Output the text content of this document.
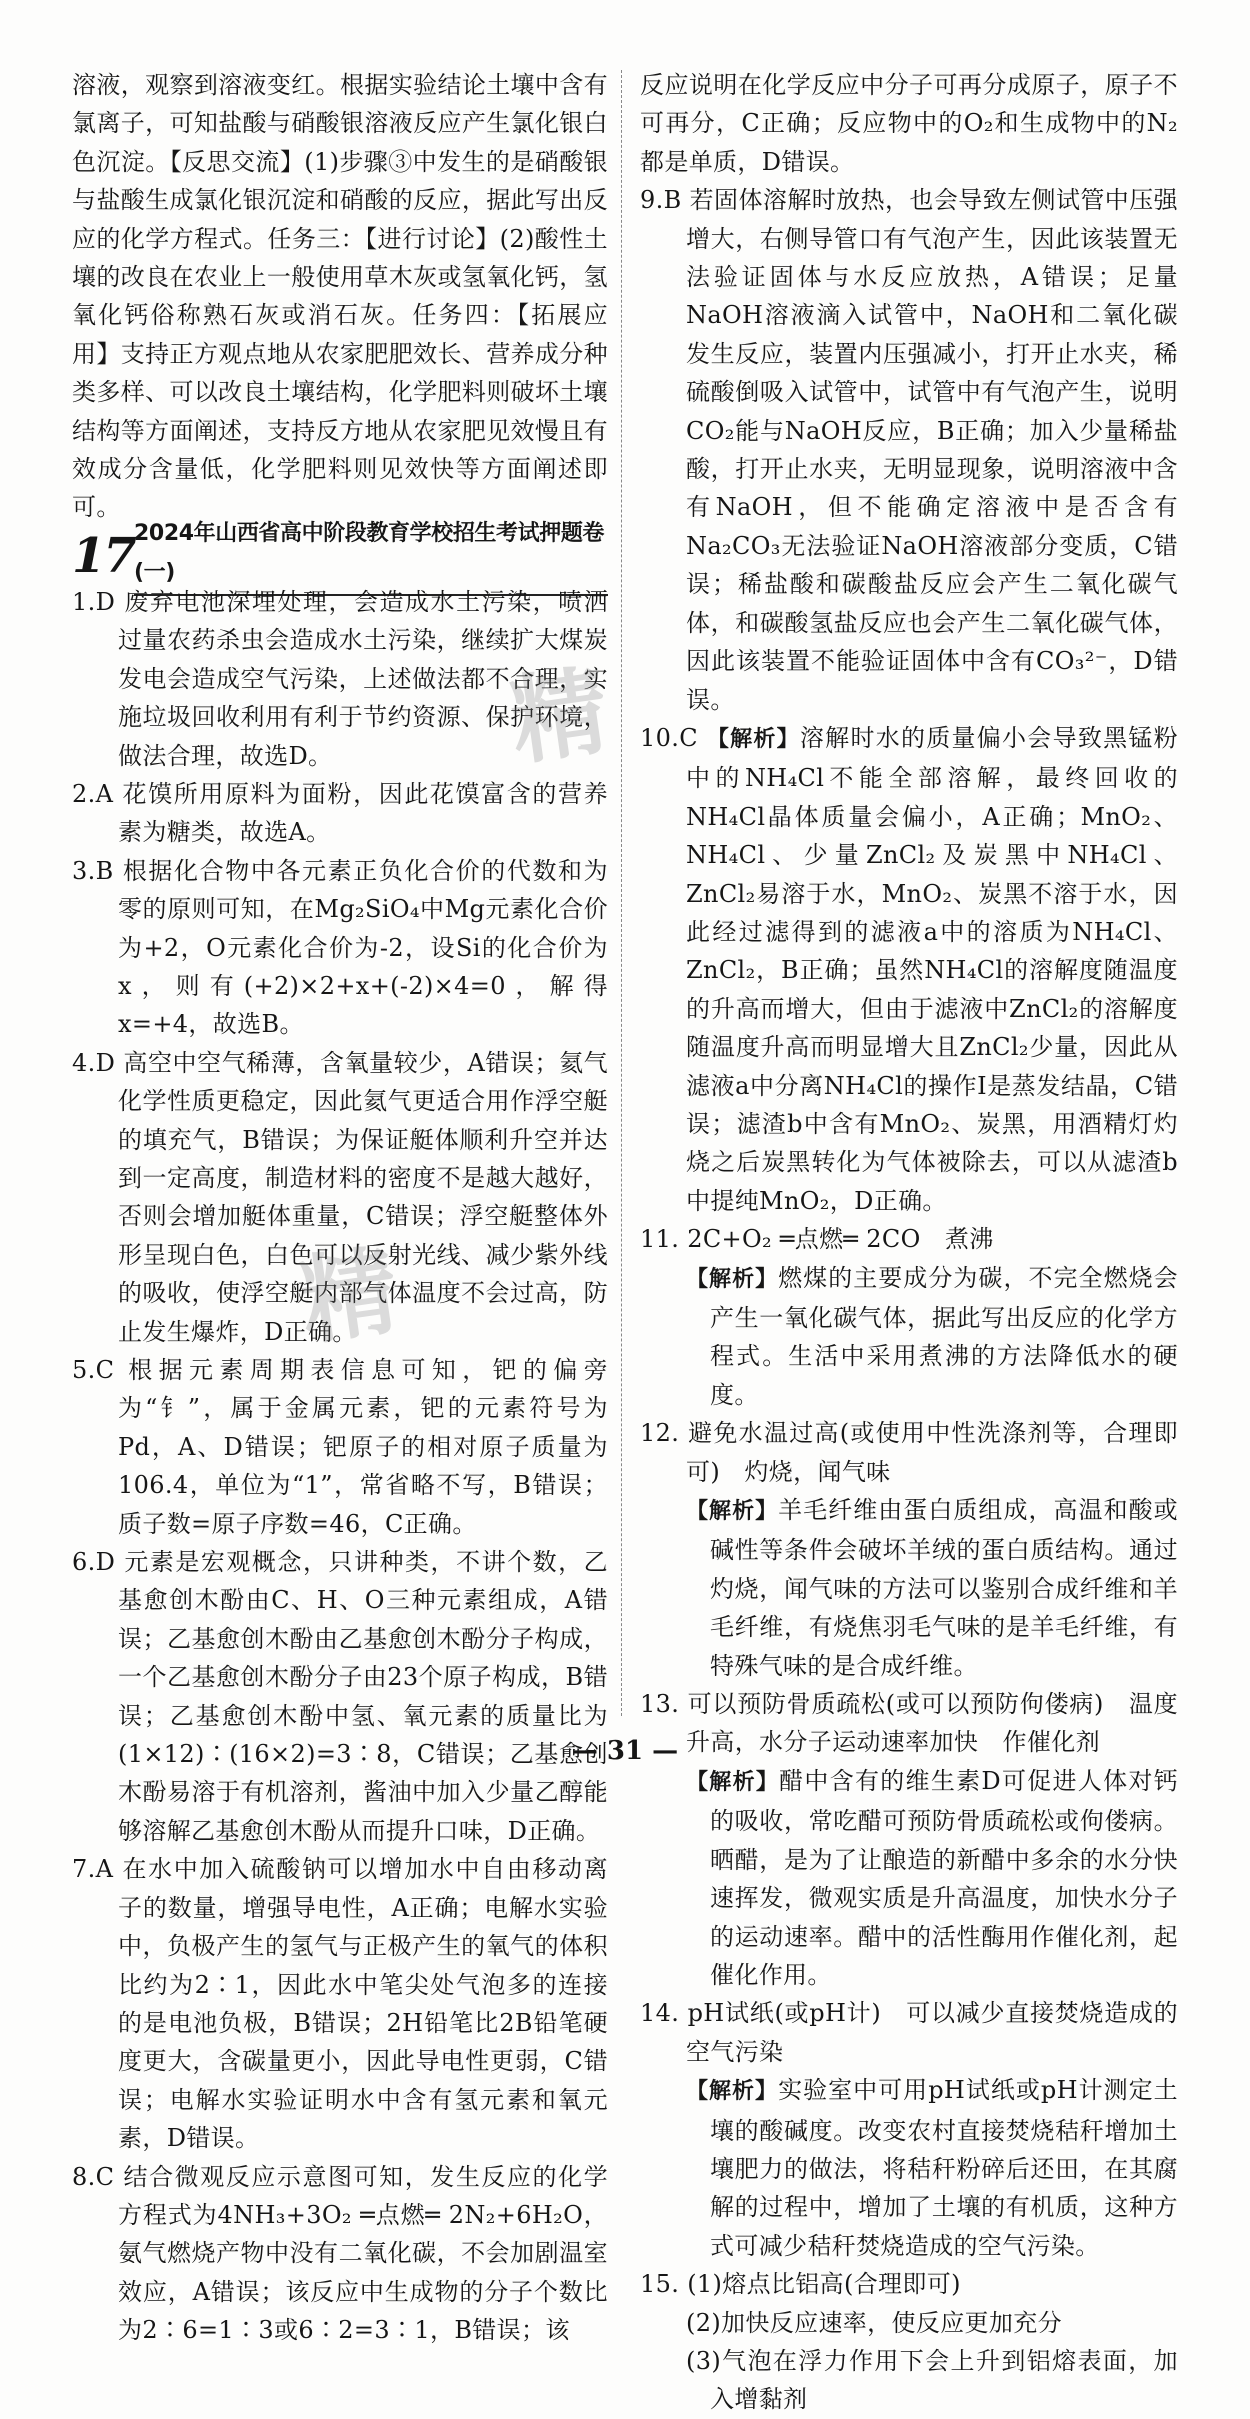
溶液，观察到溶液变红。根据实验结论土壤中含有氯离子，可知盐酸与硝酸银溶液反应产生氯化银白色沉淀。【反思交流】(1)步骤③中发生的是硝酸银与盐酸生成氯化银沉淀和硝酸的反应，据此写出反应的化学方程式。任务三：【进行讨论】(2)酸性土壤的改良在农业上一般使用草木灰或氢氧化钙，氢氧化钙俗称熟石灰或消石灰。任务四：【拓展应用】支持正方观点地从农家肥肥效长、营养成分种类多样、可以改良土壤结构，化学肥料则破坏土壤结构等方面阐述，支持反方地从农家肥见效慢且有效成分含量低，化学肥料则见效快等方面阐述即可。

17 2024年山西省高中阶段教育学校招生考试押题卷(一)

1.D 废弃电池深埋处理，会造成水土污染，喷洒过量农药杀虫会造成水土污染，继续扩大煤炭发电会造成空气污染，上述做法都不合理，实施垃圾回收利用有利于节约资源、保护环境，做法合理，故选D。

2.A 花馍所用原料为面粉，因此花馍富含的营养素为糖类，故选A。

3.B 根据化合物中各元素正负化合价的代数和为零的原则可知，在Mg₂SiO₄中Mg元素化合价为+2，O元素化合价为-2，设Si的化合价为x，则有(+2)×2+x+(-2)×4=0，解得x=+4，故选B。

4.D 高空中空气稀薄，含氧量较少，A错误；氦气化学性质更稳定，因此氦气更适合用作浮空艇的填充气，B错误；为保证艇体顺利升空并达到一定高度，制造材料的密度不是越大越好，否则会增加艇体重量，C错误；浮空艇整体外形呈现白色，白色可以反射光线、减少紫外线的吸收，使浮空艇内部气体温度不会过高，防止发生爆炸，D正确。

5.C 根据元素周期表信息可知，钯的偏旁为“钅”，属于金属元素，钯的元素符号为Pd，A、D错误；钯原子的相对原子质量为106.4，单位为“1”，常省略不写，B错误；质子数=原子序数=46，C正确。

6.D 元素是宏观概念，只讲种类，不讲个数，乙基愈创木酚由C、H、O三种元素组成，A错误；乙基愈创木酚由乙基愈创木酚分子构成，一个乙基愈创木酚分子由23个原子构成，B错误；乙基愈创木酚中氢、氧元素的质量比为(1×12)∶(16×2)=3∶8，C错误；乙基愈创木酚易溶于有机溶剂，酱油中加入少量乙醇能够溶解乙基愈创木酚从而提升口味，D正确。

7.A 在水中加入硫酸钠可以增加水中自由移动离子的数量，增强导电性，A正确；电解水实验中，负极产生的氢气与正极产生的氧气的体积比约为2∶1，因此水中笔尖处气泡多的连接的是电池负极，B错误；2H铅笔比2B铅笔硬度更大，含碳量更小，因此导电性更弱，C错误；电解水实验证明水中含有氢元素和氧元素，D错误。

8.C 结合微观反应示意图可知，发生反应的化学方程式为4NH₃+3O₂ ═点燃═ 2N₂+6H₂O，氨气燃烧产物中没有二氧化碳，不会加剧温室效应，A错误；该反应中生成物的分子个数比为2∶6=1∶3或6∶2=3∶1，B错误；该

反应说明在化学反应中分子可再分成原子，原子不可再分，C正确；反应物中的O₂和生成物中的N₂都是单质，D错误。

9.B 若固体溶解时放热，也会导致左侧试管中压强增大，右侧导管口有气泡产生，因此该装置无法验证固体与水反应放热，A错误；足量NaOH溶液滴入试管中，NaOH和二氧化碳发生反应，装置内压强减小，打开止水夹，稀硫酸倒吸入试管中，试管中有气泡产生，说明CO₂能与NaOH反应，B正确；加入少量稀盐酸，打开止水夹，无明显现象，说明溶液中含有NaOH，但不能确定溶液中是否含有Na₂CO₃无法验证NaOH溶液部分变质，C错误；稀盐酸和碳酸盐反应会产生二氧化碳气体，和碳酸氢盐反应也会产生二氧化碳气体，因此该装置不能验证固体中含有CO₃²⁻，D错误。

10.C 【解析】溶解时水的质量偏小会导致黑锰粉中的NH₄Cl不能全部溶解，最终回收的NH₄Cl晶体质量会偏小，A正确；MnO₂、NH₄Cl、少量ZnCl₂及炭黑中NH₄Cl、ZnCl₂易溶于水，MnO₂、炭黑不溶于水，因此经过滤得到的滤液a中的溶质为NH₄Cl、ZnCl₂，B正确；虽然NH₄Cl的溶解度随温度的升高而增大，但由于滤液中ZnCl₂的溶解度随温度升高而明显增大且ZnCl₂少量，因此从滤液a中分离NH₄Cl的操作Ⅰ是蒸发结晶，C错误；滤渣b中含有MnO₂、炭黑，用酒精灯灼烧之后炭黑转化为气体被除去，可以从滤渣b中提纯MnO₂，D正确。

11. 2C+O₂ ═点燃═ 2CO　煮沸

【解析】燃煤的主要成分为碳，不完全燃烧会产生一氧化碳气体，据此写出反应的化学方程式。生活中采用煮沸的方法降低水的硬度。

12. 避免水温过高(或使用中性洗涤剂等，合理即可)　灼烧，闻气味

【解析】羊毛纤维由蛋白质组成，高温和酸或碱性等条件会破坏羊绒的蛋白质结构。通过灼烧，闻气味的方法可以鉴别合成纤维和羊毛纤维，有烧焦羽毛气味的是羊毛纤维，有特殊气味的是合成纤维。

13. 可以预防骨质疏松(或可以预防佝偻病)　温度升高，水分子运动速率加快　作催化剂

【解析】醋中含有的维生素D可促进人体对钙的吸收，常吃醋可预防骨质疏松或佝偻病。晒醋，是为了让酿造的新醋中多余的水分快速挥发，微观实质是升高温度，加快水分子的运动速率。醋中的活性酶用作催化剂，起催化作用。

14. pH试纸(或pH计)　可以减少直接焚烧造成的空气污染

【解析】实验室中可用pH试纸或pH计测定土壤的酸碱度。改变农村直接焚烧秸秆增加土壤肥力的做法，将秸秆粉碎后还田，在其腐解的过程中，增加了土壤的有机质，这种方式可减少秸秆焚烧造成的空气污染。

15. (1)熔点比铝高(合理即可)

(2)加快反应速率，使反应更加充分

(3)气泡在浮力作用下会上升到铝熔表面，加入增黏剂

精
精
— 31 —
